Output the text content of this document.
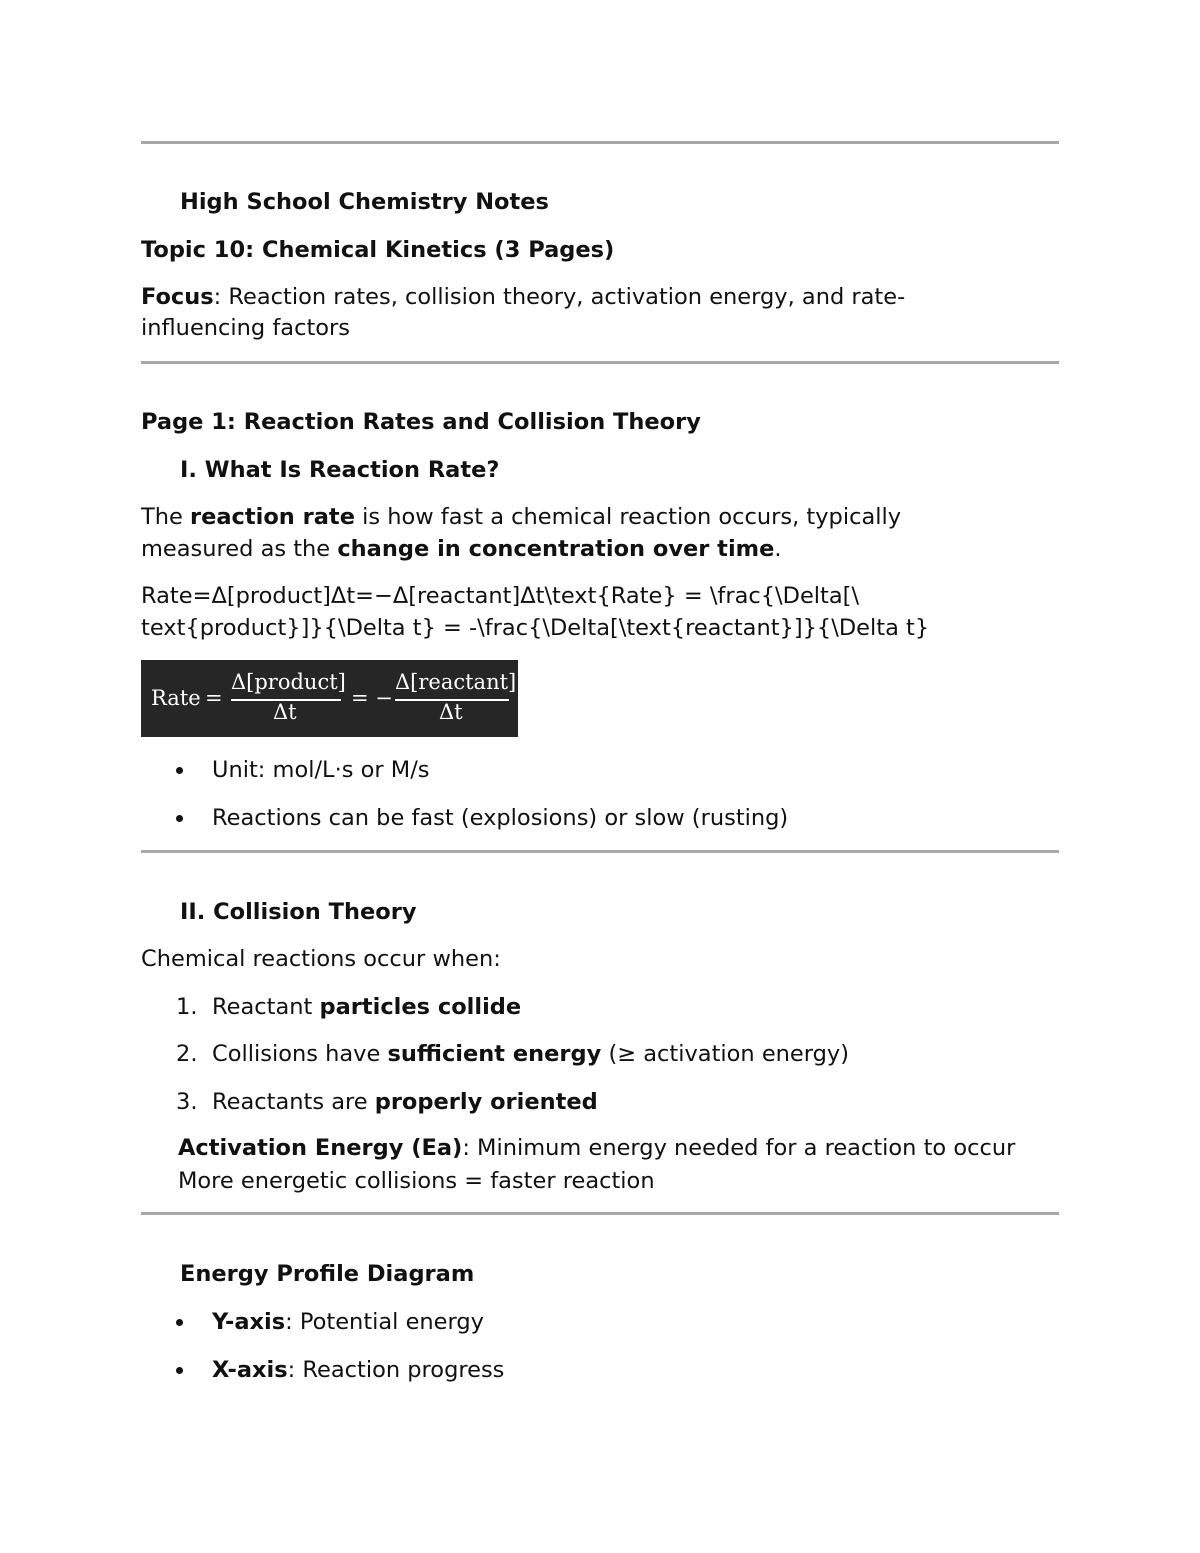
High School Chemistry Notes
Topic 10: Chemical Kinetics (3 Pages)
Focus: Reaction rates, collision theory, activation energy, and rate-
influencing factors
Page 1: Reaction Rates and Collision Theory
I. What Is Reaction Rate?
The reaction rate is how fast a chemical reaction occurs, typically
measured as the change in concentration over time.
Rate=Δ[product]Δt=−Δ[reactant]Δt\text{Rate} = \frac{\Delta[\
text{product}]}{\Delta t} = -\frac{\Delta[\text{reactant}]}{\Delta t}
Rate =
Δ[product]
Δt
= −
Δ[reactant]
Δt
Unit: mol/L·s or M/s
Reactions can be fast (explosions) or slow (rusting)
II. Collision Theory
Chemical reactions occur when:
1. Reactant particles collide
2. Collisions have sufficient energy (≥ activation energy)
3. Reactants are properly oriented
Activation Energy (Ea): Minimum energy needed for a reaction to occur
More energetic collisions = faster reaction
Energy Profile Diagram
Y-axis: Potential energy
X-axis: Reaction progress
